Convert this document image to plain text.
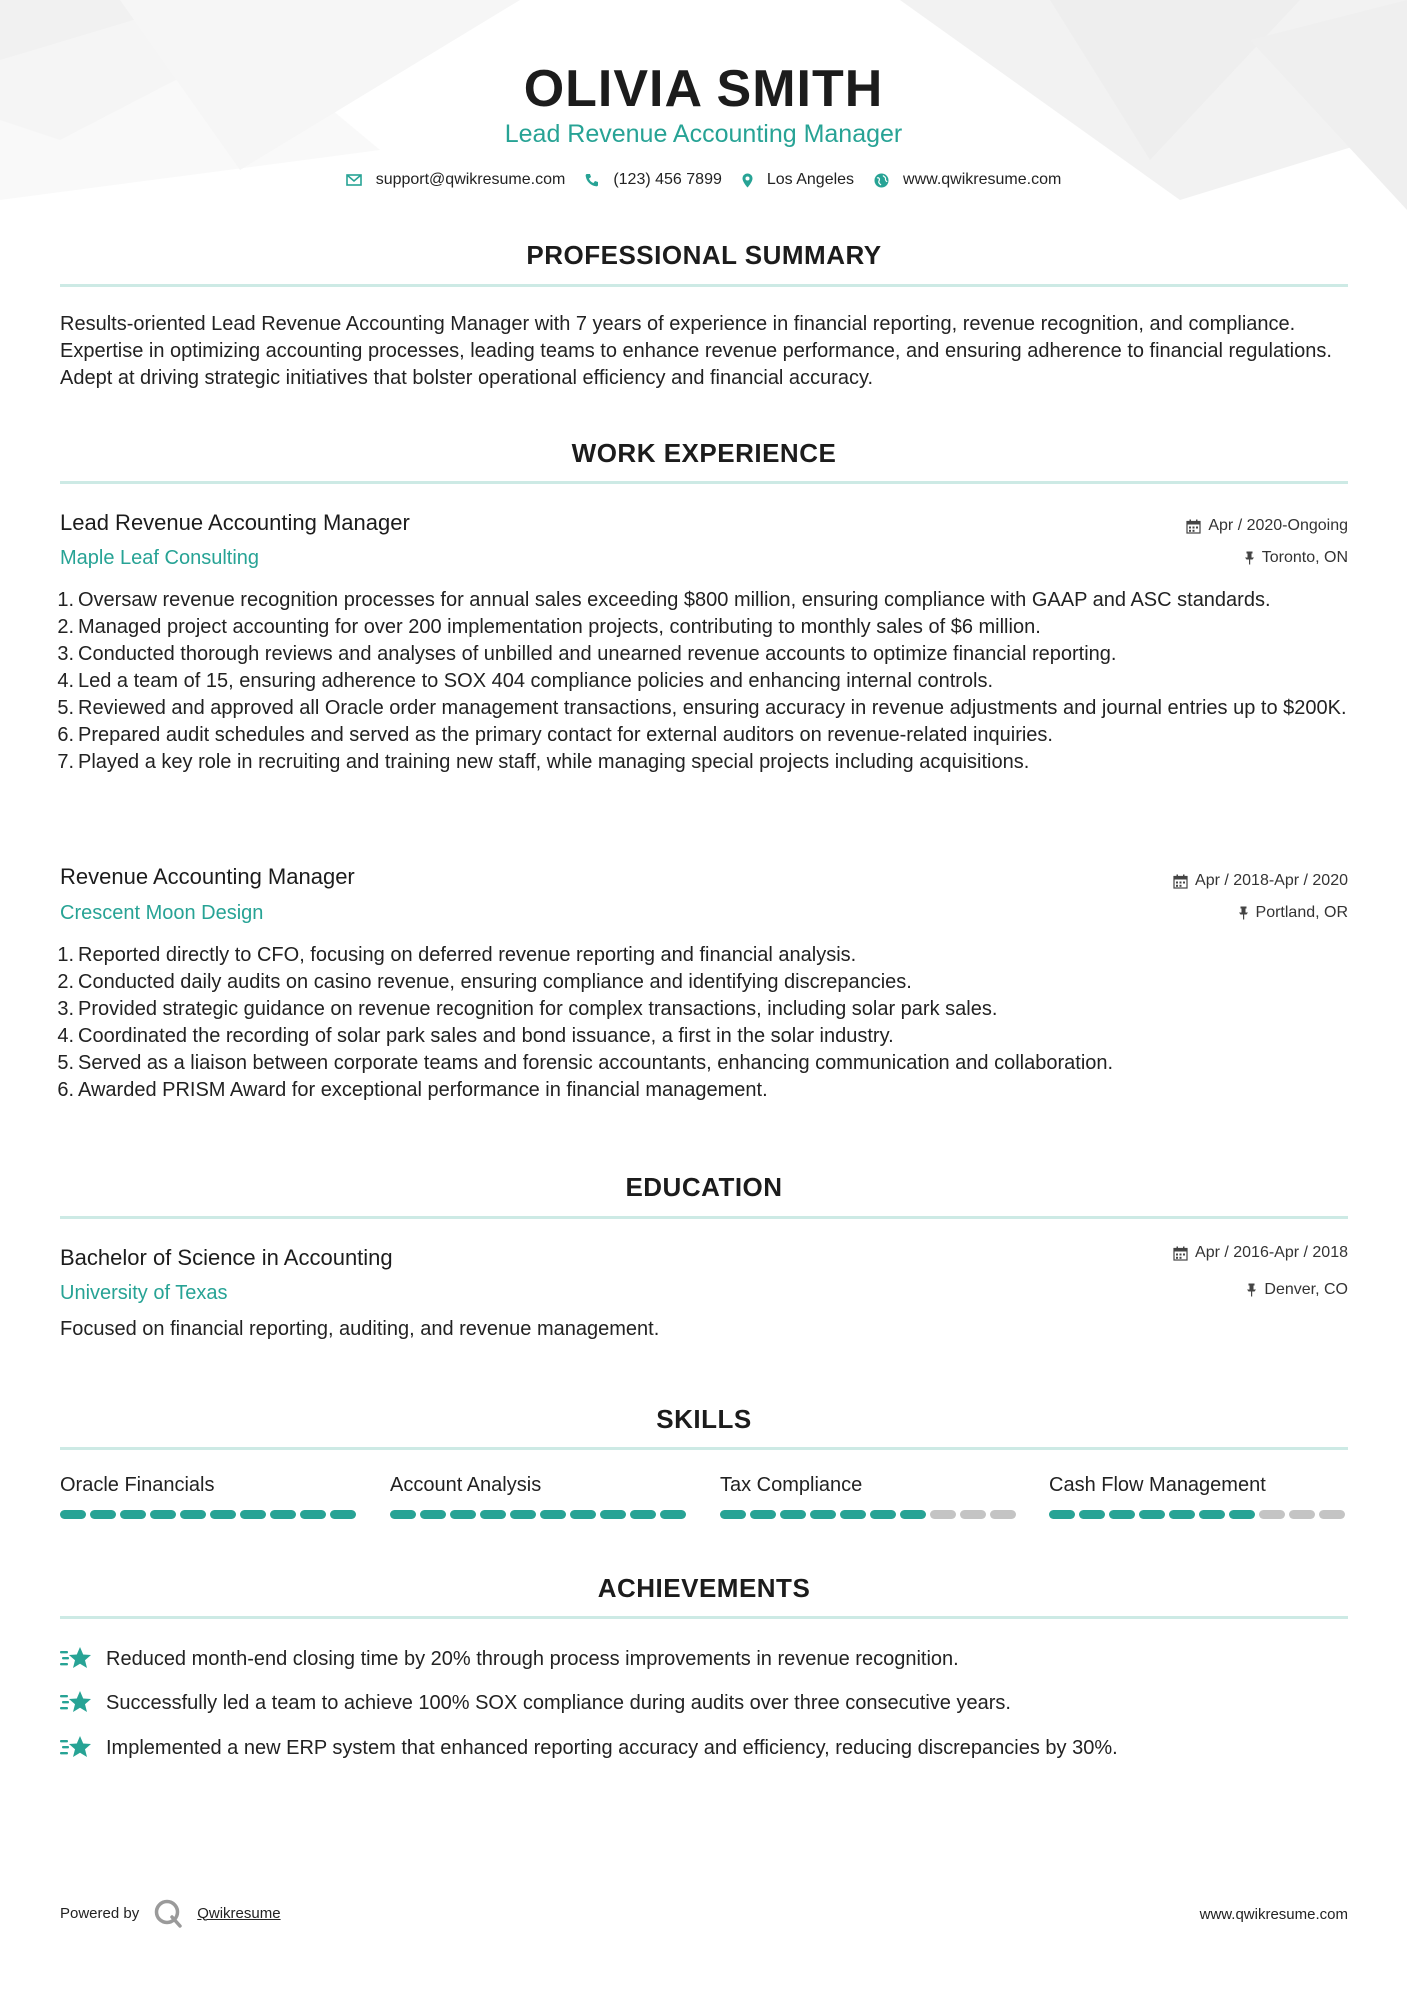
OLIVIA SMITH
Lead Revenue Accounting Manager
support@qwikresume.com	(123) 456 7899	Los Angeles	www.qwikresume.com
PROFESSIONAL SUMMARY
Results-oriented Lead Revenue Accounting Manager with 7 years of experience in financial reporting, revenue recognition, and compliance. Expertise in optimizing accounting processes, leading teams to enhance revenue performance, and ensuring adherence to financial regulations. Adept at driving strategic initiatives that bolster operational efficiency and financial accuracy.
WORK EXPERIENCE
Lead Revenue Accounting Manager	Apr / 2020-Ongoing
Maple Leaf Consulting	Toronto, ON
Oversaw revenue recognition processes for annual sales exceeding $800 million, ensuring compliance with GAAP and ASC standards.
Managed project accounting for over 200 implementation projects, contributing to monthly sales of $6 million.
Conducted thorough reviews and analyses of unbilled and unearned revenue accounts to optimize financial reporting.
Led a team of 15, ensuring adherence to SOX 404 compliance policies and enhancing internal controls.
Reviewed and approved all Oracle order management transactions, ensuring accuracy in revenue adjustments and journal entries up to $200K.
Prepared audit schedules and served as the primary contact for external auditors on revenue-related inquiries.
Played a key role in recruiting and training new staff, while managing special projects including acquisitions.
Revenue Accounting Manager	Apr / 2018-Apr / 2020
Crescent Moon Design	Portland, OR
Reported directly to CFO, focusing on deferred revenue reporting and financial analysis.
Conducted daily audits on casino revenue, ensuring compliance and identifying discrepancies.
Provided strategic guidance on revenue recognition for complex transactions, including solar park sales.
Coordinated the recording of solar park sales and bond issuance, a first in the solar industry.
Served as a liaison between corporate teams and forensic accountants, enhancing communication and collaboration.
Awarded PRISM Award for exceptional performance in financial management.
EDUCATION
Bachelor of Science in Accounting	Apr / 2016-Apr / 2018
University of Texas	Denver, CO
Focused on financial reporting, auditing, and revenue management.
SKILLS
Oracle Financials	Account Analysis	Tax Compliance	Cash Flow Management
ACHIEVEMENTS
Reduced month-end closing time by 20% through process improvements in revenue recognition.
Successfully led a team to achieve 100% SOX compliance during audits over three consecutive years.
Implemented a new ERP system that enhanced reporting accuracy and efficiency, reducing discrepancies by 30%.
Powered by	Qwikresume	www.qwikresume.com
